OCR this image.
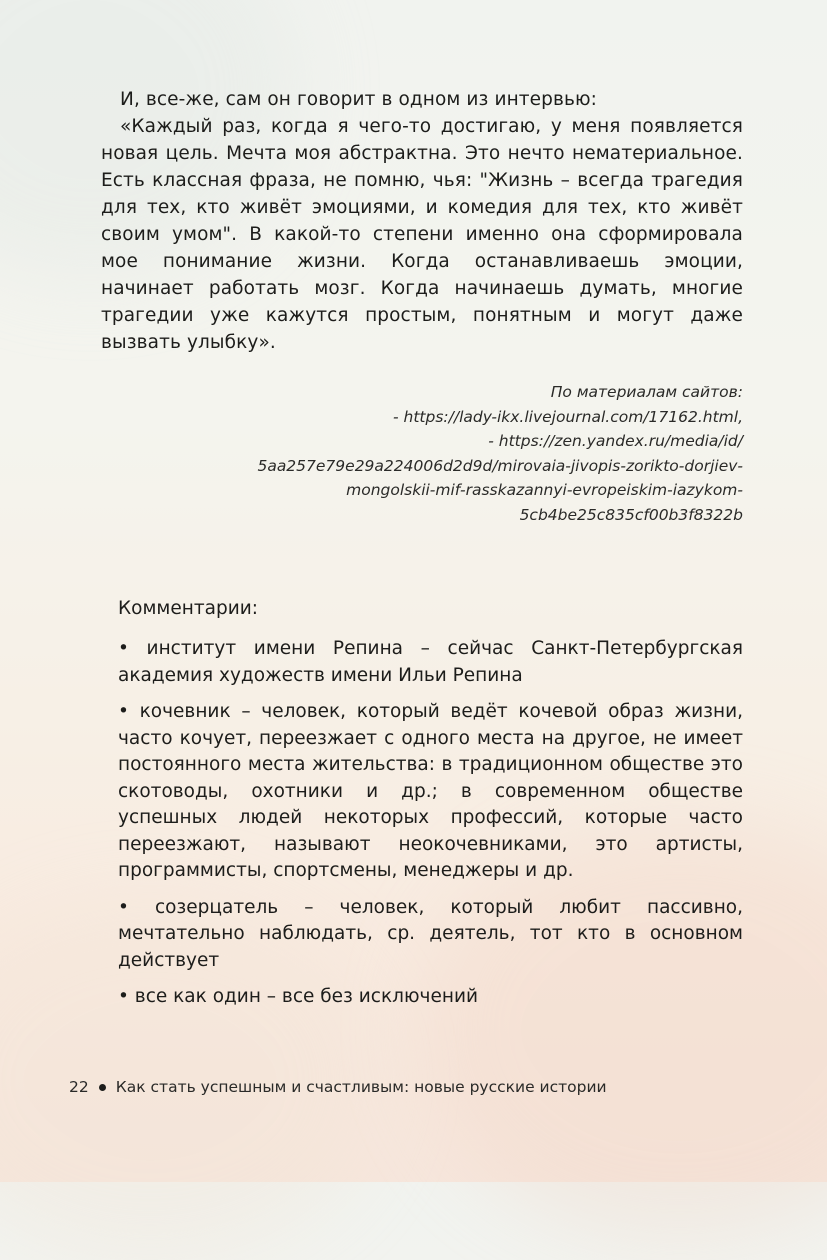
И, все-же, сам он говорит в одном из интервью:

«Каждый раз, когда я чего-то достигаю, у меня появляется новая цель. Мечта моя абстрактна. Это нечто нематериальное. Есть классная фраза, не помню, чья: "Жизнь – всегда трагедия для тех, кто живёт эмоциями, и комедия для тех, кто живёт своим умом". В какой-то степени именно она сформировала мое понимание жизни. Когда останавливаешь эмоции, начинает работать мозг. Когда начинаешь думать, многие трагедии уже кажутся простым, понятным и могут даже вызвать улыбку».

По материалам сайтов:
- https://lady-ikx.livejournal.com/17162.html,
- https://zen.yandex.ru/media/id/
5aa257e79e29a224006d2d9d/mirovaia-jivopis-zorikto-dorjiev-
mongolskii-mif-rasskazannyi-evropeiskim-iazykom-
5cb4be25c835cf00b3f8322b
Комментарии:

• институт имени Репина – сейчас Санкт-Петербургская академия художеств имени Ильи Репина

• кочевник – человек, который ведёт кочевой образ жизни, часто кочует, переезжает с одного места на другое, не имеет постоянного места жительства: в традиционном обществе это скотоводы, охотники и др.; в современном обществе успешных людей некоторых профессий, которые часто переезжают, называют неокочевниками, это артисты, программисты, спортсмены, менеджеры и др.

• созерцатель – человек, который любит пассивно, мечтательно наблюдать, ср. деятель, тот кто в основном действует

• все как один – все без исключений

22 Как стать успешным и счастливым: новые русские истории
